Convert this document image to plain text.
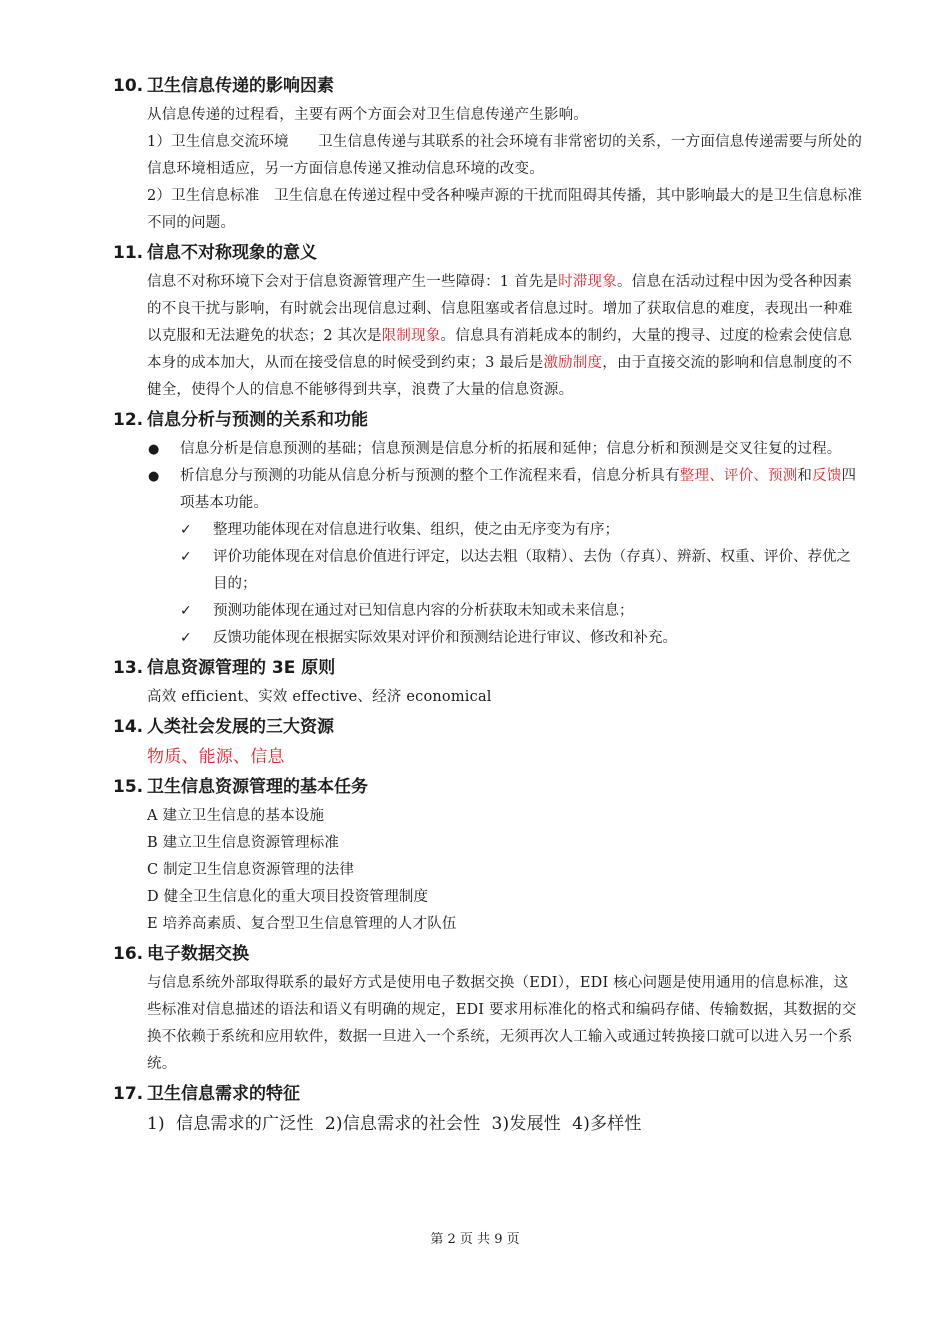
10. 卫生信息传递的影响因素

从信息传递的过程看，主要有两个方面会对卫生信息传递产生影响。

1）卫生信息交流环境　　卫生信息传递与其联系的社会环境有非常密切的关系，一方面信息传递需要与所处的信息环境相适应，另一方面信息传递又推动信息环境的改变。

2）卫生信息标准　卫生信息在传递过程中受各种噪声源的干扰而阻碍其传播，其中影响最大的是卫生信息标准不同的问题。

11. 信息不对称现象的意义

信息不对称环境下会对于信息资源管理产生一些障碍：1 首先是时滞现象。信息在活动过程中因为受各种因素的不良干扰与影响，有时就会出现信息过剩、信息阻塞或者信息过时。增加了获取信息的难度，表现出一种难以克服和无法避免的状态；2 其次是限制现象。信息具有消耗成本的制约，大量的搜寻、过度的检索会使信息本身的成本加大，从而在接受信息的时候受到约束；3 最后是激励制度，由于直接交流的影响和信息制度的不健全，使得个人的信息不能够得到共享，浪费了大量的信息资源。

12. 信息分析与预测的关系和功能

● 信息分析是信息预测的基础；信息预测是信息分析的拓展和延伸；信息分析和预测是交叉往复的过程。

● 析信息分与预测的功能从信息分析与预测的整个工作流程来看，信息分析具有整理、评价、预测和反馈四项基本功能。

✓ 整理功能体现在对信息进行收集、组织，使之由无序变为有序；

✓ 评价功能体现在对信息价值进行评定，以达去粗（取精）、去伪（存真）、辨新、权重、评价、荐优之目的；

✓ 预测功能体现在通过对已知信息内容的分析获取未知或未来信息；

✓ 反馈功能体现在根据实际效果对评价和预测结论进行审议、修改和补充。

13. 信息资源管理的 3E 原则

高效 efficient、实效 effective、经济 economical

14. 人类社会发展的三大资源

物质、能源、信息

15. 卫生信息资源管理的基本任务

A 建立卫生信息的基本设施

B 建立卫生信息资源管理标准

C 制定卫生信息资源管理的法律

D 健全卫生信息化的重大项目投资管理制度

E 培养高素质、复合型卫生信息管理的人才队伍

16. 电子数据交换

与信息系统外部取得联系的最好方式是使用电子数据交换（EDI），EDI 核心问题是使用通用的信息标准，这些标准对信息描述的语法和语义有明确的规定，EDI 要求用标准化的格式和编码存储、传输数据，其数据的交换不依赖于系统和应用软件，数据一旦进入一个系统，无须再次人工输入或通过转换接口就可以进入另一个系统。

17. 卫生信息需求的特征

1)  信息需求的广泛性  2)信息需求的社会性  3)发展性  4)多样性

第 2 页 共 9 页
